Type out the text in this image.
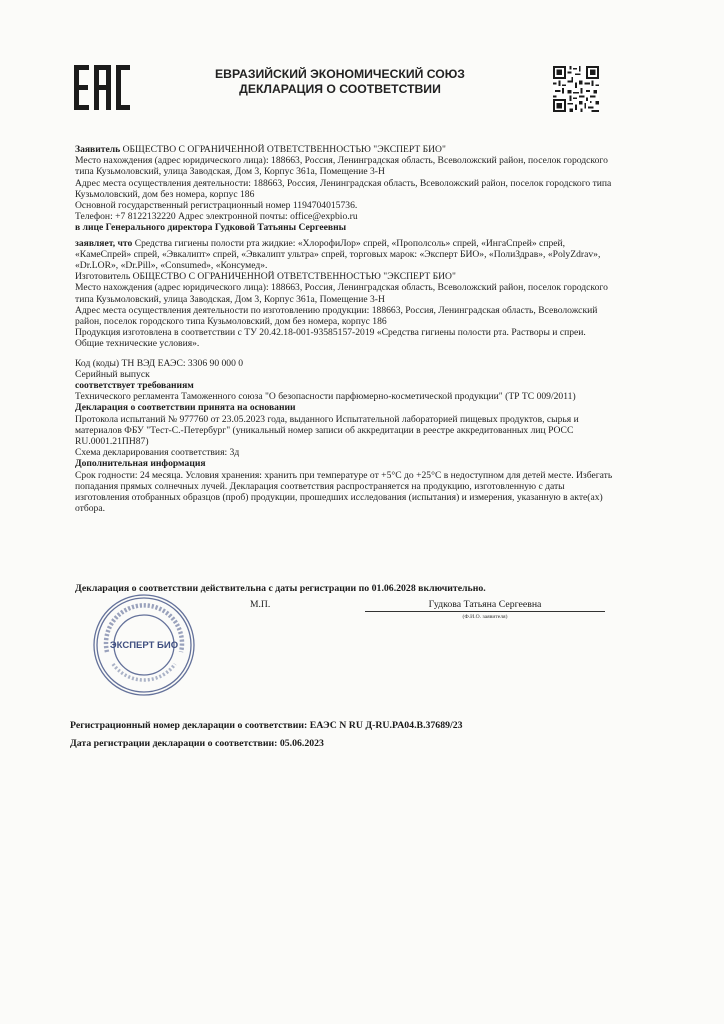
ЕВРАЗИЙСКИЙ ЭКОНОМИЧЕСКИЙ СОЮЗ
ДЕКЛАРАЦИЯ О СООТВЕТСТВИИ

Заявитель ОБЩЕСТВО С ОГРАНИЧЕННОЙ ОТВЕТСТВЕННОСТЬЮ "ЭКСПЕРТ БИО"

Место нахождения (адрес юридического лица): 188663, Россия, Ленинградская область, Всеволожский район, поселок городского типа Кузьмоловский, улица Заводская, Дом 3, Корпус 361а, Помещение 3-Н

Адрес места осуществления деятельности: 188663, Россия, Ленинградская область, Всеволожский район, поселок городского типа Кузьмоловский, дом без номера, корпус 186

Основной государственный регистрационный номер 1194704015736.

Телефон: +7 8122132220 Адрес электронной почты: office@expbio.ru

в лице Генерального директора Гудковой Татьяны Сергеевны

заявляет, что Средства гигиены полости рта жидкие: «ХлорофиЛор» спрей, «Прополсоль» спрей, «ИнгаСпрей» спрей, «КамеСпрей» спрей, «Эвкалипт» спрей, «Эвкалипт ультра» спрей, торговых марок: «Эксперт БИО», «ПолиЗдрав», «PolyZdrav», «Dr.LOR», «Dr.Pill», «Consumed», «Консумед».

Изготовитель ОБЩЕСТВО С ОГРАНИЧЕННОЙ ОТВЕТСТВЕННОСТЬЮ "ЭКСПЕРТ БИО"

Место нахождения (адрес юридического лица): 188663, Россия, Ленинградская область, Всеволожский район, поселок городского типа Кузьмоловский, улица Заводская, Дом 3, Корпус 361а, Помещение 3-Н

Адрес места осуществления деятельности по изготовлению продукции: 188663, Россия, Ленинградская область, Всеволожский район, поселок городского типа Кузьмоловский, дом без номера, корпус 186

Продукция изготовлена в соответствии с ТУ 20.42.18-001-93585157-2019 «Средства гигиены полости рта. Растворы и спреи. Общие технические условия».

Код (коды) ТН ВЭД ЕАЭС: 3306 90 000 0

Серийный выпуск

соответствует требованиям

Технического регламента Таможенного союза "О безопасности парфюмерно-косметической продукции" (ТР ТС 009/2011)

Декларация о соответствии принята на основании

Протокола испытаний № 977760 от 23.05.2023 года, выданного Испытательной лабораторией пищевых продуктов, сырья и материалов ФБУ "Тест-С.-Петербург" (уникальный номер записи об аккредитации в реестре аккредитованных лиц РОСС RU.0001.21ПН87)

Схема декларирования соответствия: 3д

Дополнительная информация

Срок годности: 24 месяца. Условия хранения: хранить при температуре от +5°С до +25°С в недоступном для детей месте. Избегать попадания прямых солнечных лучей. Декларация соответствия распространяется на продукцию, изготовленную с даты изготовления отобранных образцов (проб) продукции, прошедших исследования (испытания) и измерения, указанную в акте(ах) отбора.

Декларация о соответствии действительна с даты регистрации по 01.06.2028 включительно.
ЭКСПЕРТ БИО
М.П.	Гудкова Татьяна Сергеевна
(Ф.И.О. заявителя)
Регистрационный номер декларации о соответствии: ЕАЭС N RU Д-RU.PA04.B.37689/23
Дата регистрации декларации о соответствии: 05.06.2023
